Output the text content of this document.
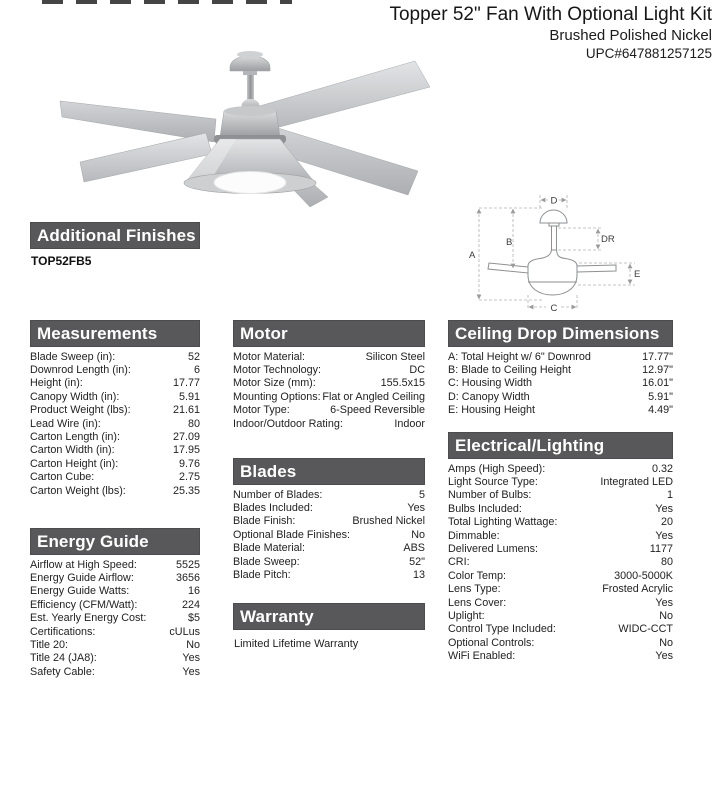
Topper 52" Fan With Optional Light Kit
Brushed Polished Nickel
UPC#647881257125
A
B
C
D
E
DR
Additional Finishes
TOP52FB5
Measurements
Blade Sweep (in):	52
Downrod Length (in):	6
Height (in):	17.77
Canopy Width (in):	5.91
Product Weight (lbs):	21.61
Lead Wire (in):	80
Carton Length (in):	27.09
Carton Width (in):	17.95
Carton Height (in):	9.76
Carton Cube:	2.75
Carton Weight (lbs):	25.35
Energy Guide
Airflow at High Speed:	5525
Energy Guide Airflow:	3656
Energy Guide Watts:	16
Efficiency (CFM/Watt):	224
Est. Yearly Energy Cost:	$5
Certifications:	cULus
Title 20:	No
Title 24 (JA8):	Yes
Safety Cable:	Yes
Motor
Motor Material:	Silicon Steel
Motor Technology:	DC
Motor Size (mm):	155.5x15
Mounting Options: Flat or Angled Ceiling
Motor Type:	6-Speed Reversible
Indoor/Outdoor Rating:	Indoor
Blades
Number of Blades:	5
Blades Included:	Yes
Blade Finish:	Brushed Nickel
Optional Blade Finishes:	No
Blade Material:	ABS
Blade Sweep:	52"
Blade Pitch:	13
Warranty
Limited Lifetime Warranty
Ceiling Drop Dimensions
A: Total Height w/ 6" Downrod	17.77"
B: Blade to Ceiling Height	12.97"
C: Housing Width	16.01"
D: Canopy Width	5.91"
E: Housing Height	4.49"
Electrical/Lighting
Amps (High Speed):	0.32
Light Source Type:	Integrated LED
Number of Bulbs:	1
Bulbs Included:	Yes
Total Lighting Wattage:	20
Dimmable:	Yes
Delivered Lumens:	1177
CRI:	80
Color Temp:	3000-5000K
Lens Type:	Frosted Acrylic
Lens Cover:	Yes
Uplight:	No
Control Type Included:	WIDC-CCT
Optional Controls:	No
WiFi Enabled:	Yes
